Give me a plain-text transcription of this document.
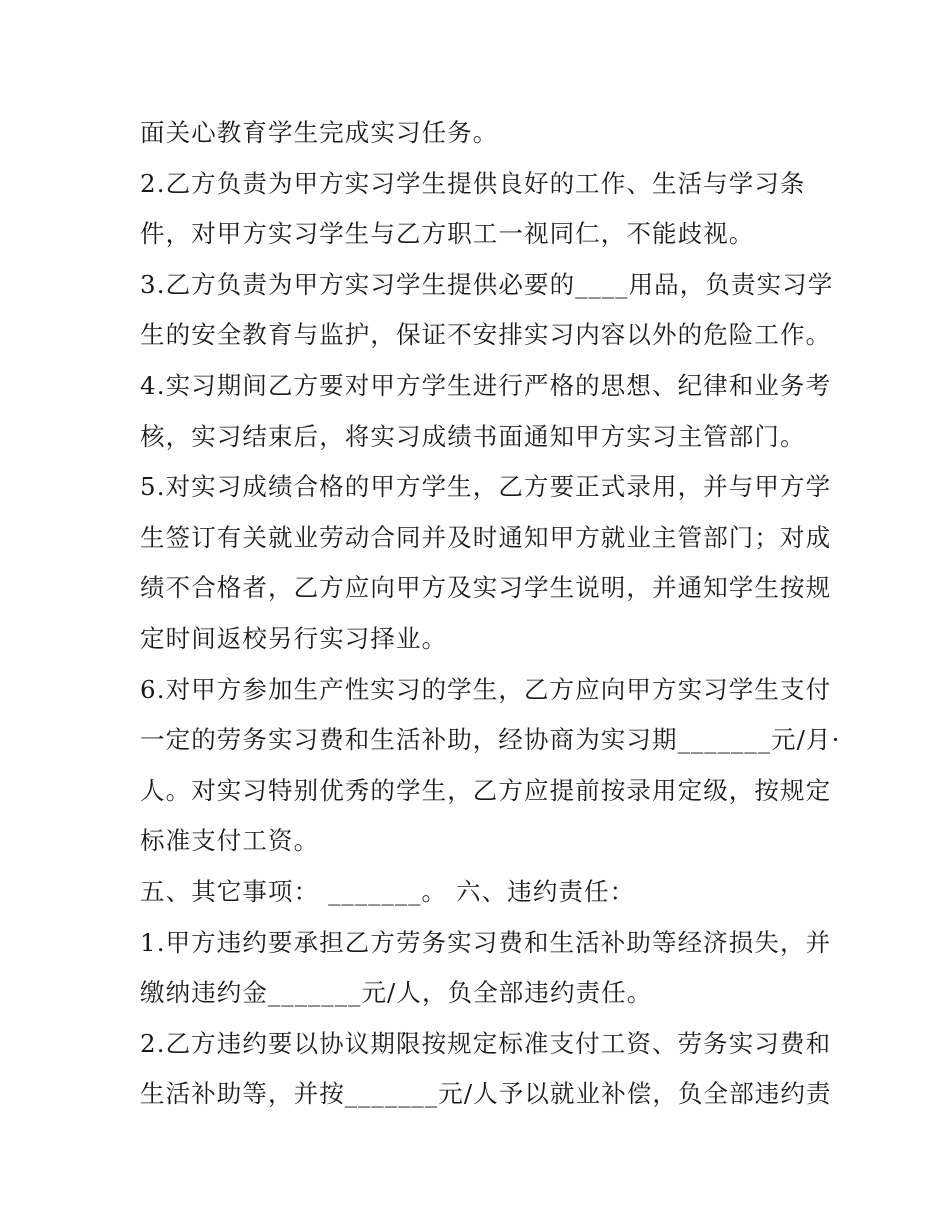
面关心教育学生完成实习任务。
2.乙方负责为甲方实习学生提供良好的工作、生活与学习条
件，对甲方实习学生与乙方职工一视同仁，不能歧视。
3.乙方负责为甲方实习学生提供必要的____用品，负责实习学
生的安全教育与监护，保证不安排实习内容以外的危险工作。
4.实习期间乙方要对甲方学生进行严格的思想、纪律和业务考
核，实习结束后，将实习成绩书面通知甲方实习主管部门。
5.对实习成绩合格的甲方学生，乙方要正式录用，并与甲方学
生签订有关就业劳动合同并及时通知甲方就业主管部门；对成
绩不合格者，乙方应向甲方及实习学生说明，并通知学生按规
定时间返校另行实习择业。
6.对甲方参加生产性实习的学生，乙方应向甲方实习学生支付
一定的劳务实习费和生活补助，经协商为实习期_______元/月·
人。对实习特别优秀的学生，乙方应提前按录用定级，按规定
标准支付工资。
五、其它事项： _______。 六、违约责任：
1.甲方违约要承担乙方劳务实习费和生活补助等经济损失，并
缴纳违约金_______元/人，负全部违约责任。
2.乙方违约要以协议期限按规定标准支付工资、劳务实习费和
生活补助等，并按_______元/人予以就业补偿，负全部违约责
